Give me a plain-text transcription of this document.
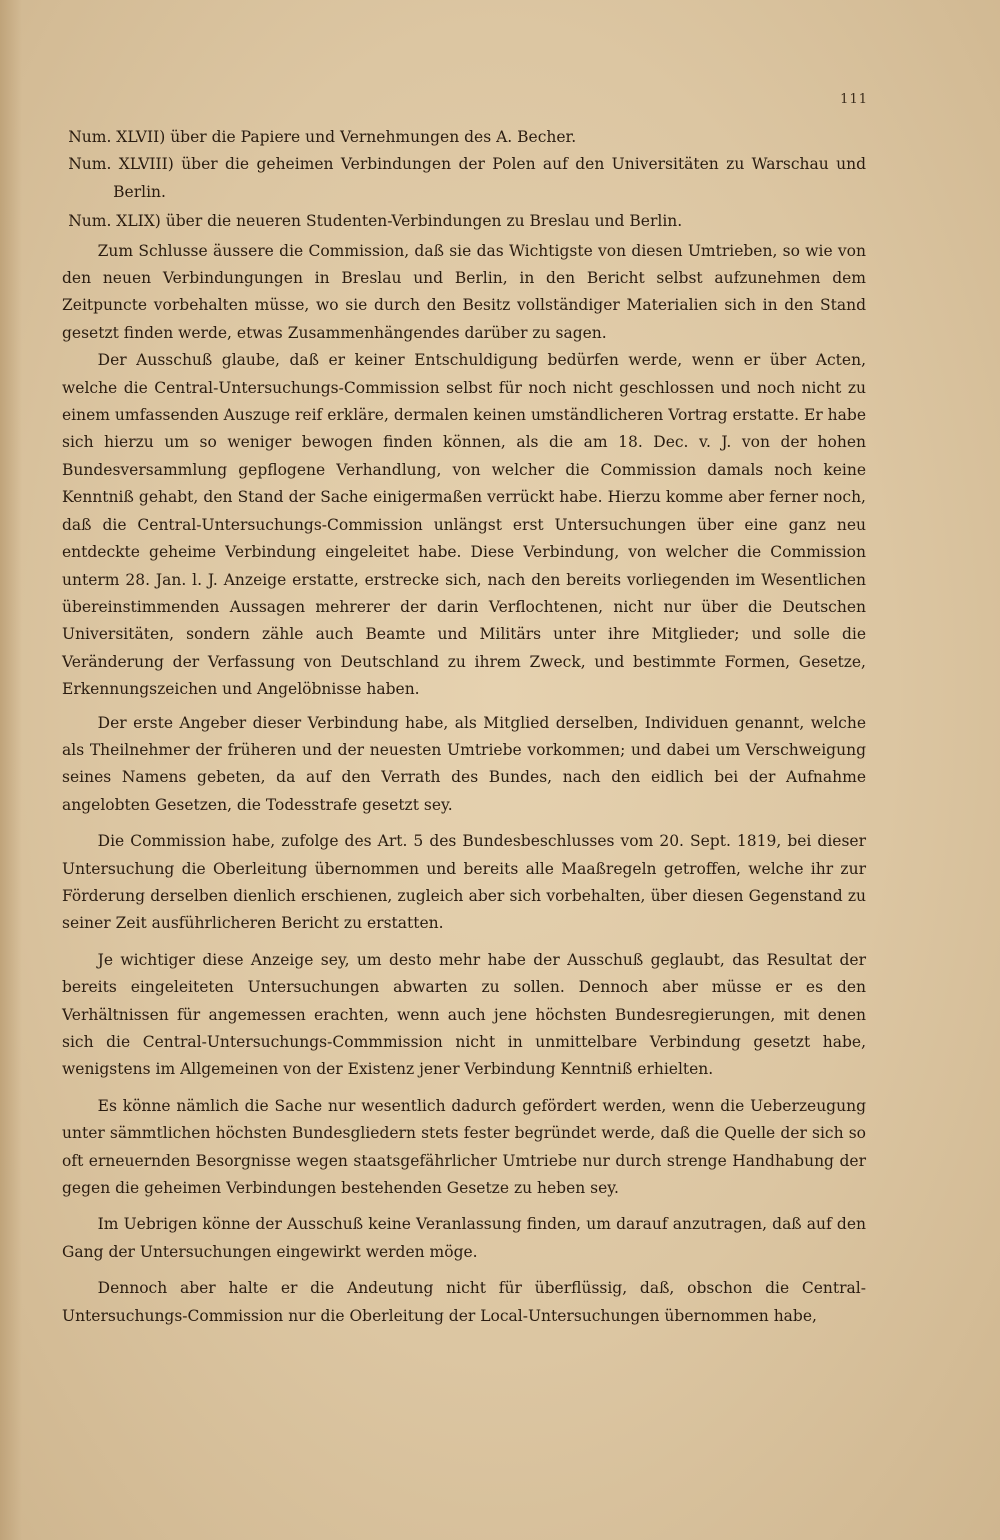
111

Num. XLVII) über die Papiere und Vernehmungen des A. Becher.

Num. XLVIII) über die geheimen Verbindungen der Polen auf den Universitäten zu Warschau und Berlin.

Num. XLIX) über die neueren Studenten-Verbindungen zu Breslau und Berlin.

Zum Schlusse äussere die Commission, daß sie das Wichtigste von diesen Umtrieben, so wie von den neuen Verbindungungen in Breslau und Berlin, in den Bericht selbst aufzunehmen dem Zeitpuncte vorbehalten müsse, wo sie durch den Besitz vollständiger Materialien sich in den Stand gesetzt finden werde, etwas Zusammenhängendes darüber zu sagen.

Der Ausschuß glaube, daß er keiner Entschuldigung bedürfen werde, wenn er über Acten, welche die Central-Untersuchungs-Commission selbst für noch nicht geschlossen und noch nicht zu einem umfassenden Auszuge reif erkläre, dermalen keinen umständlicheren Vortrag erstatte. Er habe sich hierzu um so weniger bewogen finden können, als die am 18. Dec. v. J. von der hohen Bundesversammlung gepflogene Verhandlung, von welcher die Commission damals noch keine Kenntniß gehabt, den Stand der Sache einigermaßen verrückt habe. Hierzu komme aber ferner noch, daß die Central-Untersuchungs-Commission unlängst erst Untersuchungen über eine ganz neu entdeckte geheime Verbindung eingeleitet habe. Diese Verbindung, von welcher die Commission unterm 28. Jan. l. J. Anzeige erstatte, erstrecke sich, nach den bereits vorliegenden im Wesentlichen übereinstimmenden Aussagen mehrerer der darin Verflochtenen, nicht nur über die Deutschen Universitäten, sondern zähle auch Beamte und Militärs unter ihre Mitglieder; und solle die Veränderung der Verfassung von Deutschland zu ihrem Zweck, und bestimmte Formen, Gesetze, Erkennungszeichen und Angelöbnisse haben.

Der erste Angeber dieser Verbindung habe, als Mitglied derselben, Individuen genannt, welche als Theilnehmer der früheren und der neuesten Umtriebe vorkommen; und dabei um Verschweigung seines Namens gebeten, da auf den Verrath des Bundes, nach den eidlich bei der Aufnahme angelobten Gesetzen, die Todesstrafe gesetzt sey.

Die Commission habe, zufolge des Art. 5 des Bundesbeschlusses vom 20. Sept. 1819, bei dieser Untersuchung die Oberleitung übernommen und bereits alle Maaßregeln getroffen, welche ihr zur Förderung derselben dienlich erschienen, zugleich aber sich vorbehalten, über diesen Gegenstand zu seiner Zeit ausführlicheren Bericht zu erstatten.

Je wichtiger diese Anzeige sey, um desto mehr habe der Ausschuß geglaubt, das Resultat der bereits eingeleiteten Untersuchungen abwarten zu sollen. Dennoch aber müsse er es den Verhältnissen für angemessen erachten, wenn auch jene höchsten Bundesregierungen, mit denen sich die Central-Untersuchungs-Commmission nicht in unmittelbare Verbindung gesetzt habe, wenigstens im Allgemeinen von der Existenz jener Verbindung Kenntniß erhielten.

Es könne nämlich die Sache nur wesentlich dadurch gefördert werden, wenn die Ueberzeugung unter sämmtlichen höchsten Bundesgliedern stets fester begründet werde, daß die Quelle der sich so oft erneuernden Besorgnisse wegen staatsgefährlicher Umtriebe nur durch strenge Handhabung der gegen die geheimen Verbindungen bestehenden Gesetze zu heben sey.

Im Uebrigen könne der Ausschuß keine Veranlassung finden, um darauf anzutragen, daß auf den Gang der Untersuchungen eingewirkt werden möge.

Dennoch aber halte er die Andeutung nicht für überflüssig, daß, obschon die Central-Untersuchungs-Commission nur die Oberleitung der Local-Untersuchungen übernommen habe,
